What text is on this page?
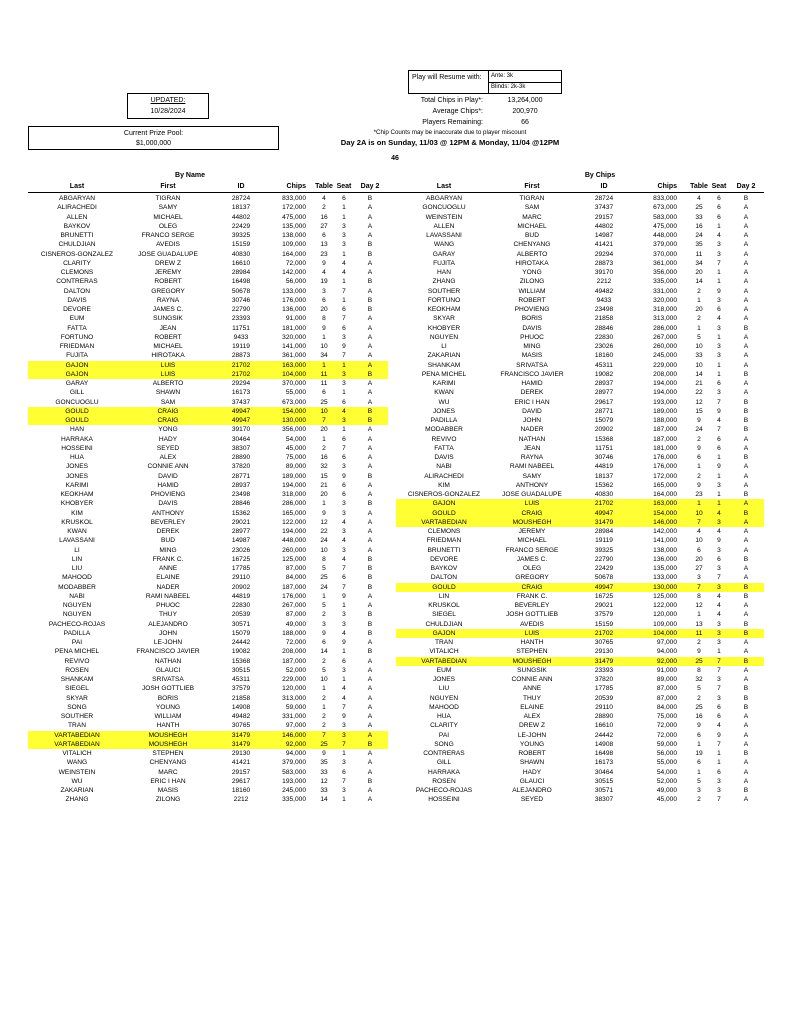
UPDATED:
10/28/2024
Current Prize Pool:
$1,000,000
Play will Resume with:	Ante: 3k
Blinds: 2k-3k
Total Chips in Play*:	13,264,000
Average Chips*:	200,970
Players Remaining:	66
*Chip Counts may be inaccurate due to player miscount
Day 2A is on Sunday, 11/03 @ 12PM & Monday, 11/04 @12PM
46
By Name	By Chips
Last	First	ID	Chips	Table Seat	Day 2	Last	First	ID	Chips	Table Seat	Day 2
ABGARYAN	TIGRAN	28724	833,000	4	6	B
ALIRACHEDI	SAMY	18137	172,000	2	1	A
ALLEN	MICHAEL	44802	475,000	16	1	A
BAYKOV	OLEG	22429	135,000	27	3	A
BRUNETTI	FRANCO SERGE	39325	138,000	6	3	A
CHULDJIAN	AVEDIS	15159	109,000	13	3	B
CISNEROS-GONZALEZ	JOSE GUADALUPE	40830	164,000	23	1	B
CLARITY	DREW Z	16610	72,000	9	4	A
CLEMONS	JEREMY	28984	142,000	4	4	A
CONTRERAS	ROBERT	16498	56,000	19	1	B
DALTON	GREGORY	50678	133,000	3	7	A
DAVIS	RAYNA	30746	176,000	6	1	B
DEVORE	JAMES C.	22790	136,000	20	6	B
EUM	SUNGSIK	23393	91,000	8	7	A
FATTA	JEAN	11751	181,000	9	6	A
FORTUNO	ROBERT	9433	320,000	1	3	A
FRIEDMAN	MICHAEL	19119	141,000	10	9	A
FUJITA	HIROTAKA	28873	361,000	34	7	A
GAJON	LUIS	21702	163,000	1	1	A
GAJON	LUIS	21702	104,000	11	3	B
GARAY	ALBERTO	29294	370,000	11	3	A
GILL	SHAWN	16173	55,000	6	1	A
GONCUOGLU	SAM	37437	673,000	25	6	A
GOULD	CRAIG	49947	154,000	10	4	B
GOULD	CRAIG	49947	130,000	7	3	B
HAN	YONG	39170	356,000	20	1	A
HARRAKA	HADY	30464	54,000	1	6	A
HOSSEINI	SEYED	38307	45,000	2	7	A
HUA	ALEX	28890	75,000	16	6	A
JONES	CONNIE ANN	37820	89,000	32	3	A
JONES	DAVID	28771	189,000	15	9	B
KARIMI	HAMID	28937	194,000	21	6	A
KEOKHAM	PHOVIENG	23498	318,000	20	6	A
KHOBYER	DAVIS	28846	286,000	1	3	B
KIM	ANTHONY	15362	165,000	9	3	A
KRUSKOL	BEVERLEY	29021	122,000	12	4	A
KWAN	DEREK	28977	194,000	22	3	A
LAVASSANI	BUD	14987	448,000	24	4	A
LI	MING	23026	260,000	10	3	A
LIN	FRANK C.	16725	125,000	8	4	B
LIU	ANNE	17785	87,000	5	7	B
MAHOOD	ELAINE	29110	84,000	25	6	B
MODABBER	NADER	20902	187,000	24	7	B
NABI	RAMI NABEEL	44819	176,000	1	9	A
NGUYEN	PHUOC	22830	267,000	5	1	A
NGUYEN	THUY	20539	87,000	2	3	B
PACHECO-ROJAS	ALEJANDRO	30571	49,000	3	3	B
PADILLA	JOHN	15079	188,000	9	4	B
PAI	LE-JOHN	24442	72,000	6	9	A
PENA MICHEL	FRANCISCO JAVIER	19082	208,000	14	1	B
REVIVO	NATHAN	15368	187,000	2	6	A
ROSEN	GLAUCI	30515	52,000	5	3	A
SHANKAM	SRIVATSA	45311	229,000	10	1	A
SIEGEL	JOSH GOTTLIEB	37579	120,000	1	4	A
SKYAR	BORIS	21858	313,000	2	4	A
SONG	YOUNG	14908	59,000	1	7	A
SOUTHER	WILLIAM	49482	331,000	2	9	A
TRAN	HANTH	30765	97,000	2	3	A
VARTABEDIAN	MOUSHEGH	31479	146,000	7	3	A
VARTABEDIAN	MOUSHEGH	31479	92,000	25	7	B
VITALICH	STEPHEN	29130	94,000	9	1	A
WANG	CHENYANG	41421	379,000	35	3	A
WEINSTEIN	MARC	29157	583,000	33	6	A
WU	ERIC I HAN	29617	193,000	12	7	B
ZAKARIAN	MASIS	18160	245,000	33	3	A
ZHANG	ZILONG	2212	335,000	14	1	A
ABGARYAN	TIGRAN	28724	833,000	4	6	B
GONCUOGLU	SAM	37437	673,000	25	6	A
WEINSTEIN	MARC	29157	583,000	33	6	A
ALLEN	MICHAEL	44802	475,000	16	1	A
LAVASSANI	BUD	14987	448,000	24	4	A
WANG	CHENYANG	41421	379,000	35	3	A
GARAY	ALBERTO	29294	370,000	11	3	A
FUJITA	HIROTAKA	28873	361,000	34	7	A
HAN	YONG	39170	356,000	20	1	A
ZHANG	ZILONG	2212	335,000	14	1	A
SOUTHER	WILLIAM	49482	331,000	2	9	A
FORTUNO	ROBERT	9433	320,000	1	3	A
KEOKHAM	PHOVIENG	23498	318,000	20	6	A
SKYAR	BORIS	21858	313,000	2	4	A
KHOBYER	DAVIS	28846	286,000	1	3	B
NGUYEN	PHUOC	22830	267,000	5	1	A
LI	MING	23026	260,000	10	3	A
ZAKARIAN	MASIS	18160	245,000	33	3	A
SHANKAM	SRIVATSA	45311	229,000	10	1	A
PENA MICHEL	FRANCISCO JAVIER	19082	208,000	14	1	B
KARIMI	HAMID	28937	194,000	21	6	A
KWAN	DEREK	28977	194,000	22	3	A
WU	ERIC I HAN	29617	193,000	12	7	B
JONES	DAVID	28771	189,000	15	9	B
PADILLA	JOHN	15079	188,000	9	4	B
MODABBER	NADER	20902	187,000	24	7	B
REVIVO	NATHAN	15368	187,000	2	6	A
FATTA	JEAN	11751	181,000	9	6	A
DAVIS	RAYNA	30746	176,000	6	1	B
NABI	RAMI NABEEL	44819	176,000	1	9	A
ALIRACHEDI	SAMY	18137	172,000	2	1	A
KIM	ANTHONY	15362	165,000	9	3	A
CISNEROS-GONZALEZ	JOSE GUADALUPE	40830	164,000	23	1	B
GAJON	LUIS	21702	163,000	1	1	A
GOULD	CRAIG	49947	154,000	10	4	B
VARTABEDIAN	MOUSHEGH	31479	146,000	7	3	A
CLEMONS	JEREMY	28984	142,000	4	4	A
FRIEDMAN	MICHAEL	19119	141,000	10	9	A
BRUNETTI	FRANCO SERGE	39325	138,000	6	3	A
DEVORE	JAMES C.	22790	136,000	20	6	B
BAYKOV	OLEG	22429	135,000	27	3	A
DALTON	GREGORY	50678	133,000	3	7	A
GOULD	CRAIG	49947	130,000	7	3	B
LIN	FRANK C.	16725	125,000	8	4	B
KRUSKOL	BEVERLEY	29021	122,000	12	4	A
SIEGEL	JOSH GOTTLIEB	37579	120,000	1	4	A
CHULDJIAN	AVEDIS	15159	109,000	13	3	B
GAJON	LUIS	21702	104,000	11	3	B
TRAN	HANTH	30765	97,000	2	3	A
VITALICH	STEPHEN	29130	94,000	9	1	A
VARTABEDIAN	MOUSHEGH	31479	92,000	25	7	B
EUM	SUNGSIK	23393	91,000	8	7	A
JONES	CONNIE ANN	37820	89,000	32	3	A
LIU	ANNE	17785	87,000	5	7	B
NGUYEN	THUY	20539	87,000	2	3	B
MAHOOD	ELAINE	29110	84,000	25	6	B
HUA	ALEX	28890	75,000	16	6	A
CLARITY	DREW Z	16610	72,000	9	4	A
PAI	LE-JOHN	24442	72,000	6	9	A
SONG	YOUNG	14908	59,000	1	7	A
CONTRERAS	ROBERT	16498	56,000	19	1	B
GILL	SHAWN	16173	55,000	6	1	A
HARRAKA	HADY	30464	54,000	1	6	A
ROSEN	GLAUCI	30515	52,000	5	3	A
PACHECO-ROJAS	ALEJANDRO	30571	49,000	3	3	B
HOSSEINI	SEYED	38307	45,000	2	7	A
